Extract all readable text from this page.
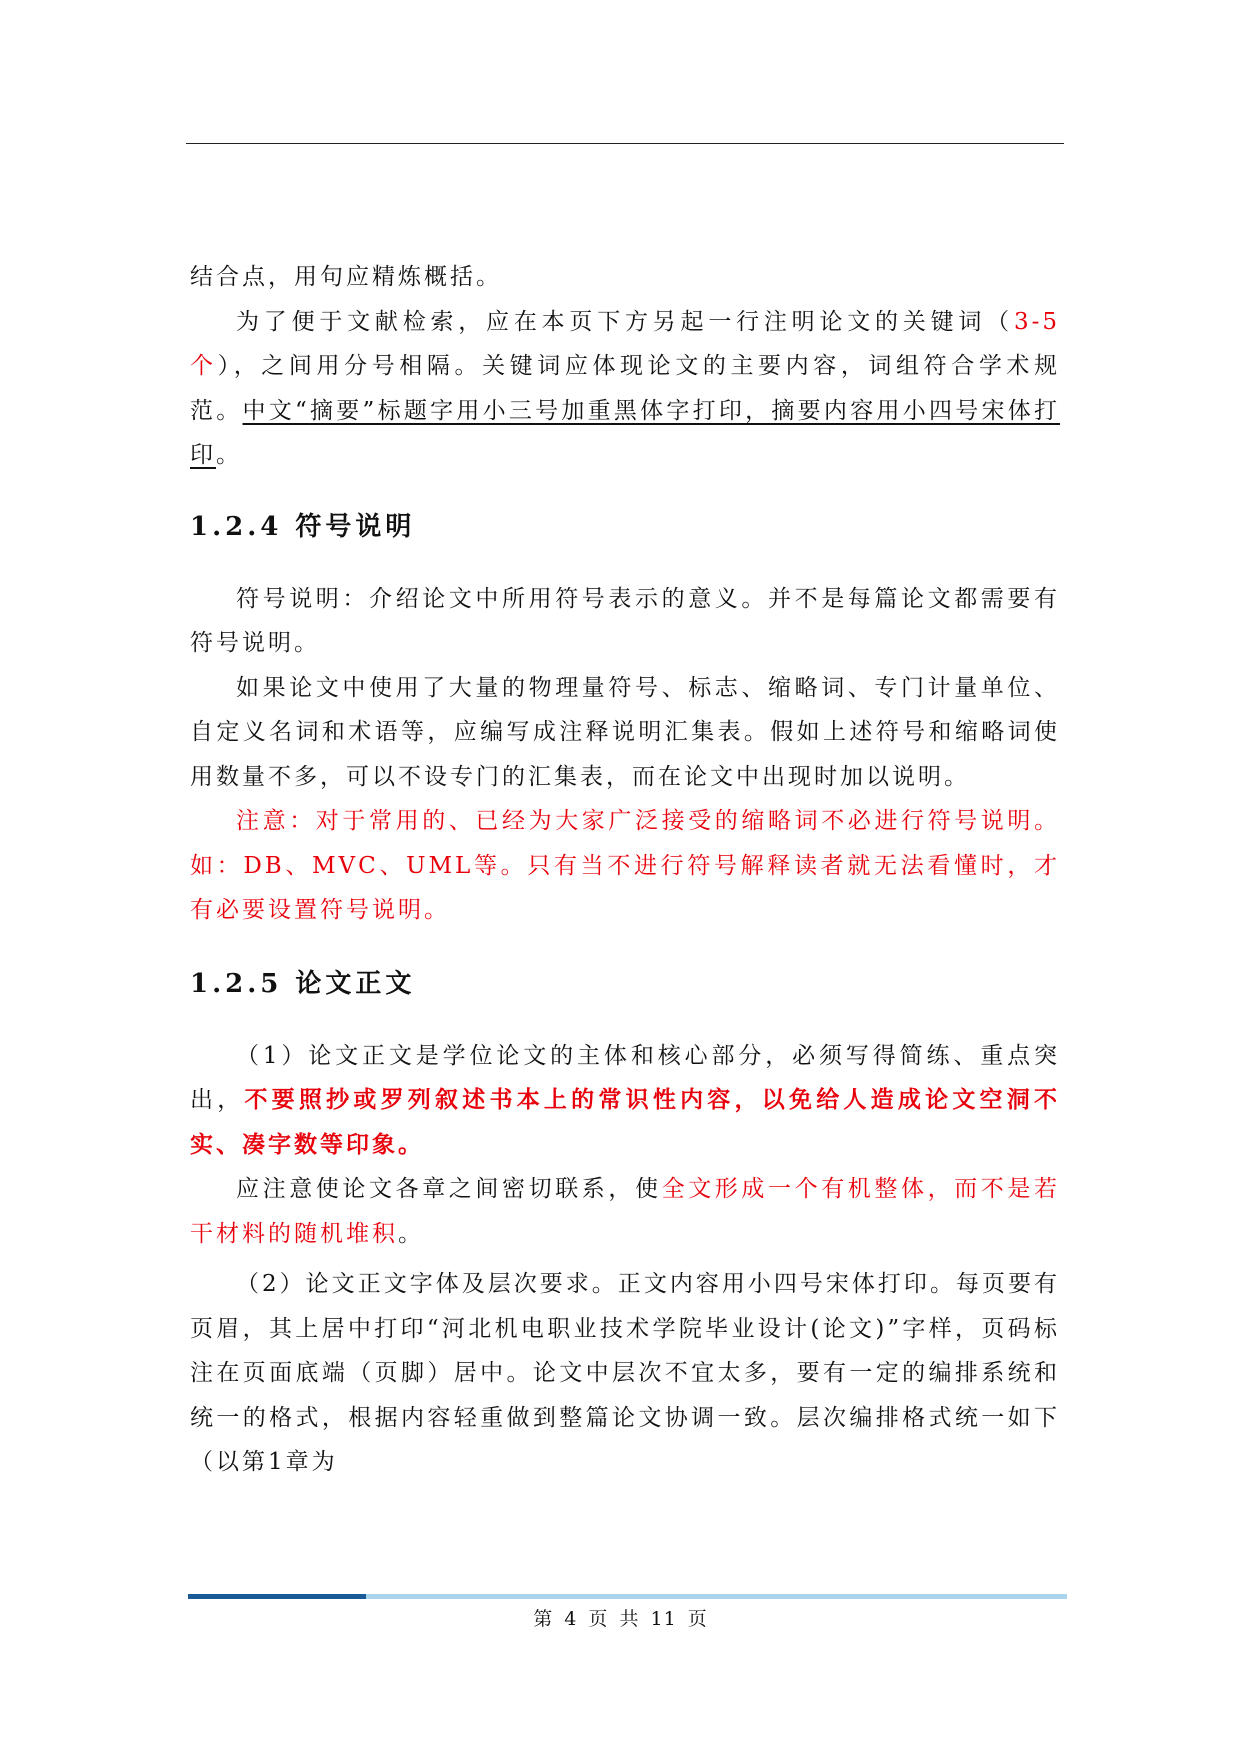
结合点，用句应精炼概括。

为了便于文献检索，应在本页下方另起一行注明论文的关键词（3-5个），之间用分号相隔。关键词应体现论文的主要内容，词组符合学术规范。中文“摘要”标题字用小三号加重黑体字打印，摘要内容用小四号宋体打印。

1.2.4 符号说明

符号说明：介绍论文中所用符号表示的意义。并不是每篇论文都需要有符号说明。

如果论文中使用了大量的物理量符号、标志、缩略词、专门计量单位、自定义名词和术语等，应编写成注释说明汇集表。假如上述符号和缩略词使用数量不多，可以不设专门的汇集表，而在论文中出现时加以说明。

注意：对于常用的、已经为大家广泛接受的缩略词不必进行符号说明。如：DB、MVC、UML等。只有当不进行符号解释读者就无法看懂时，才有必要设置符号说明。

1.2.5 论文正文

（1）论文正文是学位论文的主体和核心部分，必须写得简练、重点突出，不要照抄或罗列叙述书本上的常识性内容，以免给人造成论文空洞不实、凑字数等印象。

应注意使论文各章之间密切联系，使全文形成一个有机整体，而不是若干材料的随机堆积。

（2）论文正文字体及层次要求。正文内容用小四号宋体打印。每页要有页眉，其上居中打印“河北机电职业技术学院毕业设计(论文)”字样，页码标注在页面底端（页脚）居中。论文中层次不宜太多，要有一定的编排系统和统一的格式，根据内容轻重做到整篇论文协调一致。层次编排格式统一如下（以第1章为

第 4 页 共 11 页
